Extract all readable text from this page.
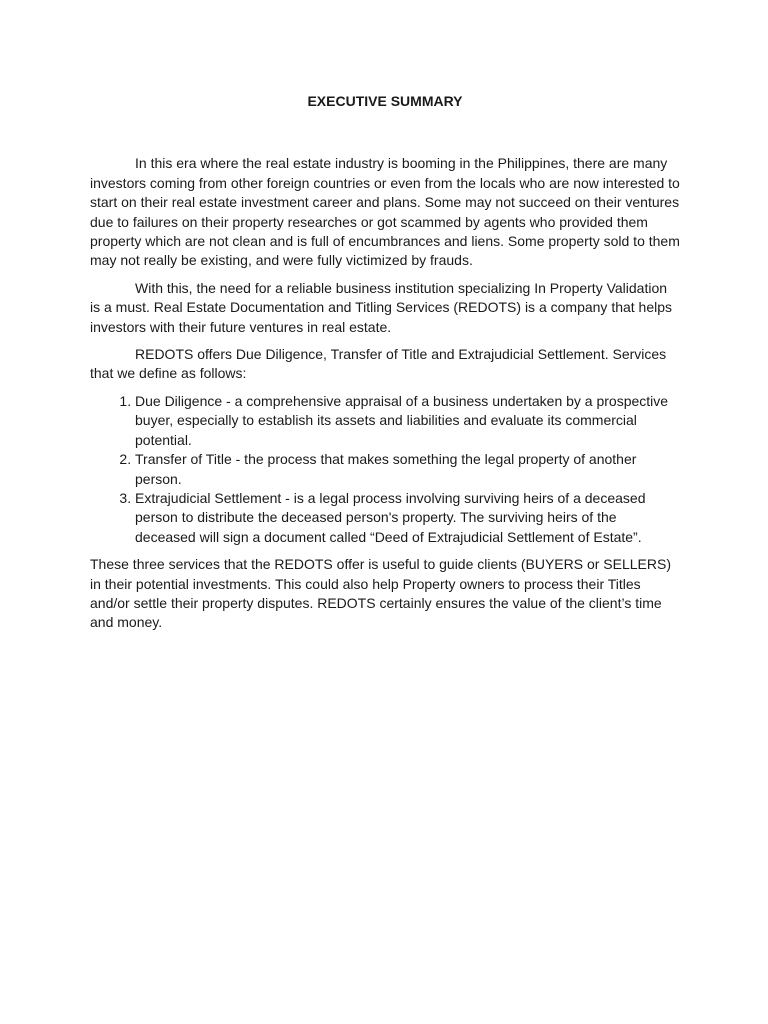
EXECUTIVE SUMMARY

In this era where the real estate industry is booming in the Philippines, there are many investors coming from other foreign countries or even from the locals who are now interested to start on their real estate investment career and plans. Some may not succeed on their ventures due to failures on their property researches or got scammed by agents who provided them property which are not clean and is full of encumbrances and liens. Some property sold to them may not really be existing, and were fully victimized by frauds.

With this, the need for a reliable business institution specializing In Property Validation is a must. Real Estate Documentation and Titling Services (REDOTS) is a company that helps investors with their future ventures in real estate.

REDOTS offers Due Diligence, Transfer of Title and Extrajudicial Settlement. Services that we define as follows:

1. Due Diligence - a comprehensive appraisal of a business undertaken by a prospective buyer, especially to establish its assets and liabilities and evaluate its commercial potential.
2. Transfer of Title - the process that makes something the legal property of another person.
3. Extrajudicial Settlement - is a legal process involving surviving heirs of a deceased person to distribute the deceased person's property. The surviving heirs of the deceased will sign a document called “Deed of Extrajudicial Settlement of Estate”.

These three services that the REDOTS offer is useful to guide clients (BUYERS or SELLERS) in their potential investments. This could also help Property owners to process their Titles and/or settle their property disputes. REDOTS certainly ensures the value of the client’s time and money.
